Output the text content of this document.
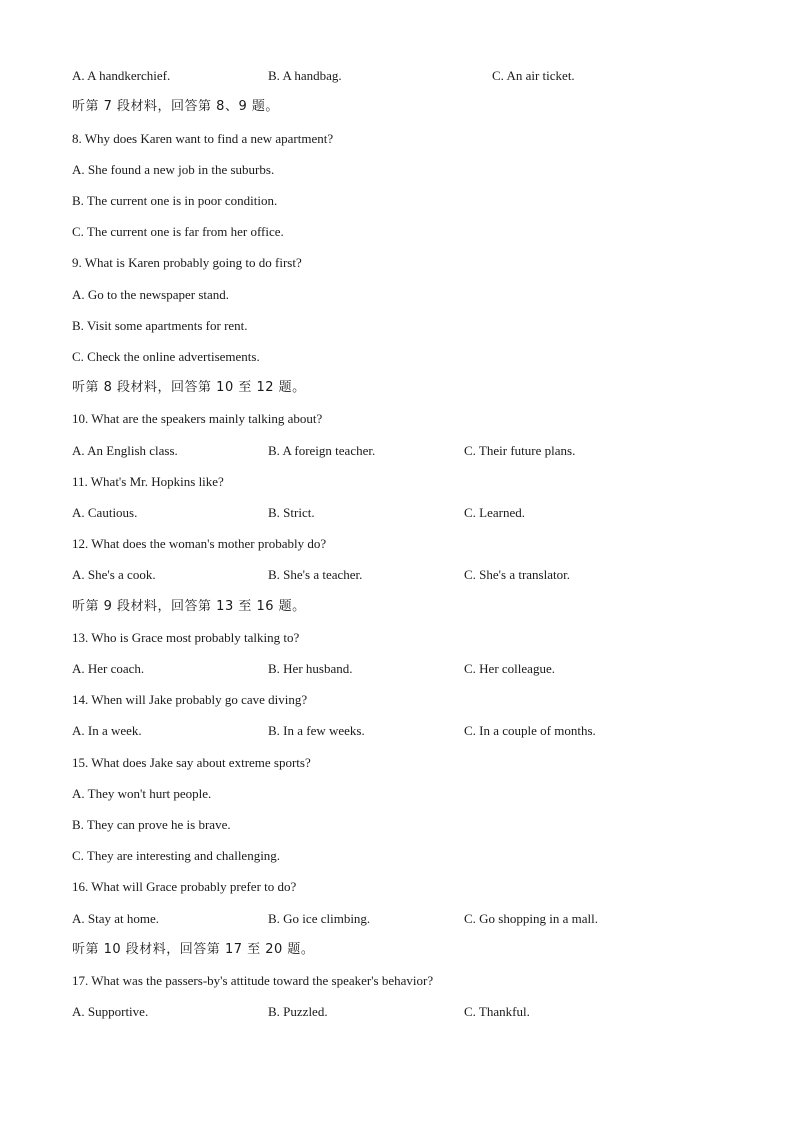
A. A handkerchief.	B. A handbag.	C. An air ticket.
听第 7 段材料，回答第 8、9 题。
8. Why does Karen want to find a new apartment?
A. She found a new job in the suburbs.
B. The current one is in poor condition.
C. The current one is far from her office.
9. What is Karen probably going to do first?
A. Go to the newspaper stand.
B. Visit some apartments for rent.
C. Check the online advertisements.
听第 8 段材料，回答第 10 至 12 题。
10. What are the speakers mainly talking about?
A. An English class.	B. A foreign teacher.	C. Their future plans.
11. What's Mr. Hopkins like?
A. Cautious.	B. Strict.	C. Learned.
12. What does the woman's mother probably do?
A. She's a cook.	B. She's a teacher.	C. She's a translator.
听第 9 段材料，回答第 13 至 16 题。
13. Who is Grace most probably talking to?
A. Her coach.	B. Her husband.	C. Her colleague.
14. When will Jake probably go cave diving?
A. In a week.	B. In a few weeks.	C. In a couple of months.
15. What does Jake say about extreme sports?
A. They won't hurt people.
B. They can prove he is brave.
C. They are interesting and challenging.
16. What will Grace probably prefer to do?
A. Stay at home.	B. Go ice climbing.	C. Go shopping in a mall.
听第 10 段材料，回答第 17 至 20 题。
17. What was the passers-by's attitude toward the speaker's behavior?
A. Supportive.	B. Puzzled.	C. Thankful.
